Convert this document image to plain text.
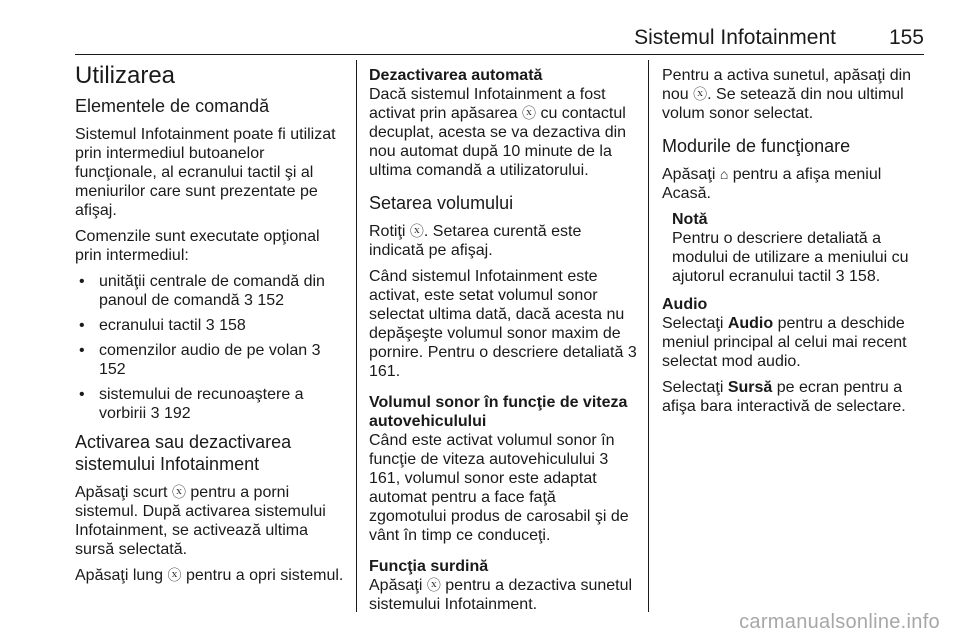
Sistemul Infotainment	155
Utilizarea
Elementele de comandă

Sistemul Infotainment poate fi utilizat prin intermediul butoanelor funcţionale, al ecranului tactil şi al meniurilor care sunt prezentate pe afişaj.

Comenzile sunt executate opţional prin intermediul:

• unităţii centrale de comandă din panoul de comandă 3 152
• ecranului tactil 3 158
• comenzilor audio de pe volan 3 152
• sistemului de recunoaştere a vorbirii 3 192
Activarea sau dezactivarea sistemului Infotainment

Apăsaţi scurt ⓧ pentru a porni sistemul. După activarea sistemului Infotainment, se activează ultima sursă selectată.

Apăsaţi lung ⓧ pentru a opri sistemul.

Dezactivarea automată

Dacă sistemul Infotainment a fost activat prin apăsarea ⓧ cu contactul decuplat, acesta se va dezactiva din nou automat după 10 minute de la ultima comandă a utilizatorului.

Setarea volumului

Rotiţi ⓧ. Setarea curentă este indicată pe afişaj.

Când sistemul Infotainment este activat, este setat volumul sonor selectat ultima dată, dacă acesta nu depăşeşte volumul sonor maxim de pornire. Pentru o descriere detaliată 3 161.

Volumul sonor în funcţie de viteza autovehiculului

Când este activat volumul sonor în funcţie de viteza autovehiculului 3 161, volumul sonor este adaptat automat pentru a face faţă zgomotului produs de carosabil şi de vânt în timp ce conduceţi.

Funcţia surdină

Apăsaţi ⓧ pentru a dezactiva sunetul sistemului Infotainment.

Pentru a activa sunetul, apăsaţi din nou ⓧ. Se setează din nou ultimul volum sonor selectat.

Modurile de funcţionare

Apăsaţi ⌂ pentru a afişa meniul Acasă.

Notă
Pentru o descriere detaliată a modului de utilizare a meniului cu ajutorul ecranului tactil 3 158.

Audio

Selectaţi Audio pentru a deschide meniul principal al celui mai recent selectat mod audio.

Selectaţi Sursă pe ecran pentru a afişa bara interactivă de selectare.

carmanualsonline.info
